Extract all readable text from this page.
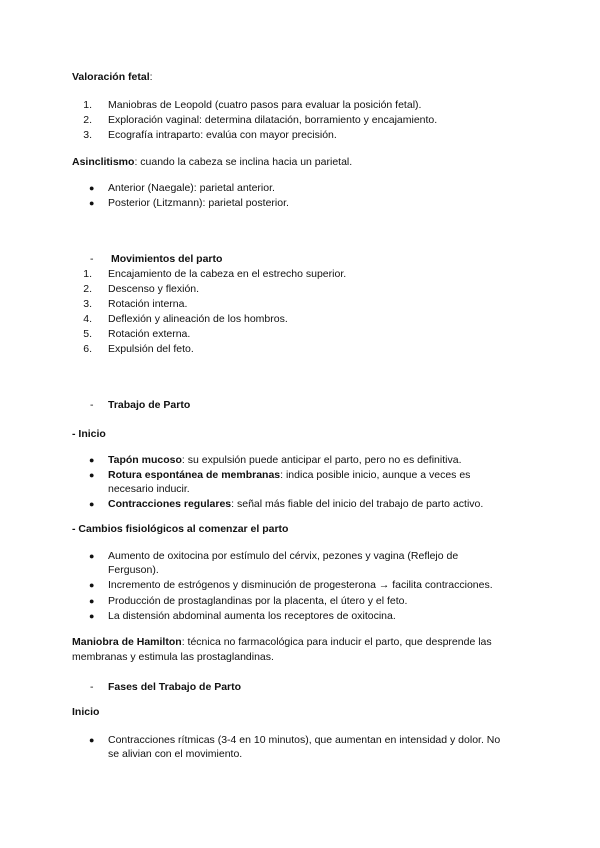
Valoración fetal:
1. Maniobras de Leopold (cuatro pasos para evaluar la posición fetal).
2. Exploración vaginal: determina dilatación, borramiento y encajamiento.
3. Ecografía intraparto: evalúa con mayor precisión.
Asinclitismo: cuando la cabeza se inclina hacia un parietal.
● Anterior (Naegale): parietal anterior.
● Posterior (Litzmann): parietal posterior.
- Movimientos del parto
1. Encajamiento de la cabeza en el estrecho superior.
2. Descenso y flexión.
3. Rotación interna.
4. Deflexión y alineación de los hombros.
5. Rotación externa.
6. Expulsión del feto.
- Trabajo de Parto
- Inicio
● Tapón mucoso: su expulsión puede anticipar el parto, pero no es definitiva.
● Rotura espontánea de membranas: indica posible inicio, aunque a veces es
necesario inducir.
● Contracciones regulares: señal más fiable del inicio del trabajo de parto activo.
- Cambios fisiológicos al comenzar el parto
● Aumento de oxitocina por estímulo del cérvix, pezones y vagina (Reflejo de
Ferguson).
● Incremento de estrógenos y disminución de progesterona → facilita contracciones.
● Producción de prostaglandinas por la placenta, el útero y el feto.
● La distensión abdominal aumenta los receptores de oxitocina.
Maniobra de Hamilton: técnica no farmacológica para inducir el parto, que desprende las
membranas y estimula las prostaglandinas.
- Fases del Trabajo de Parto
Inicio
● Contracciones rítmicas (3-4 en 10 minutos), que aumentan en intensidad y dolor. No
se alivian con el movimiento.
